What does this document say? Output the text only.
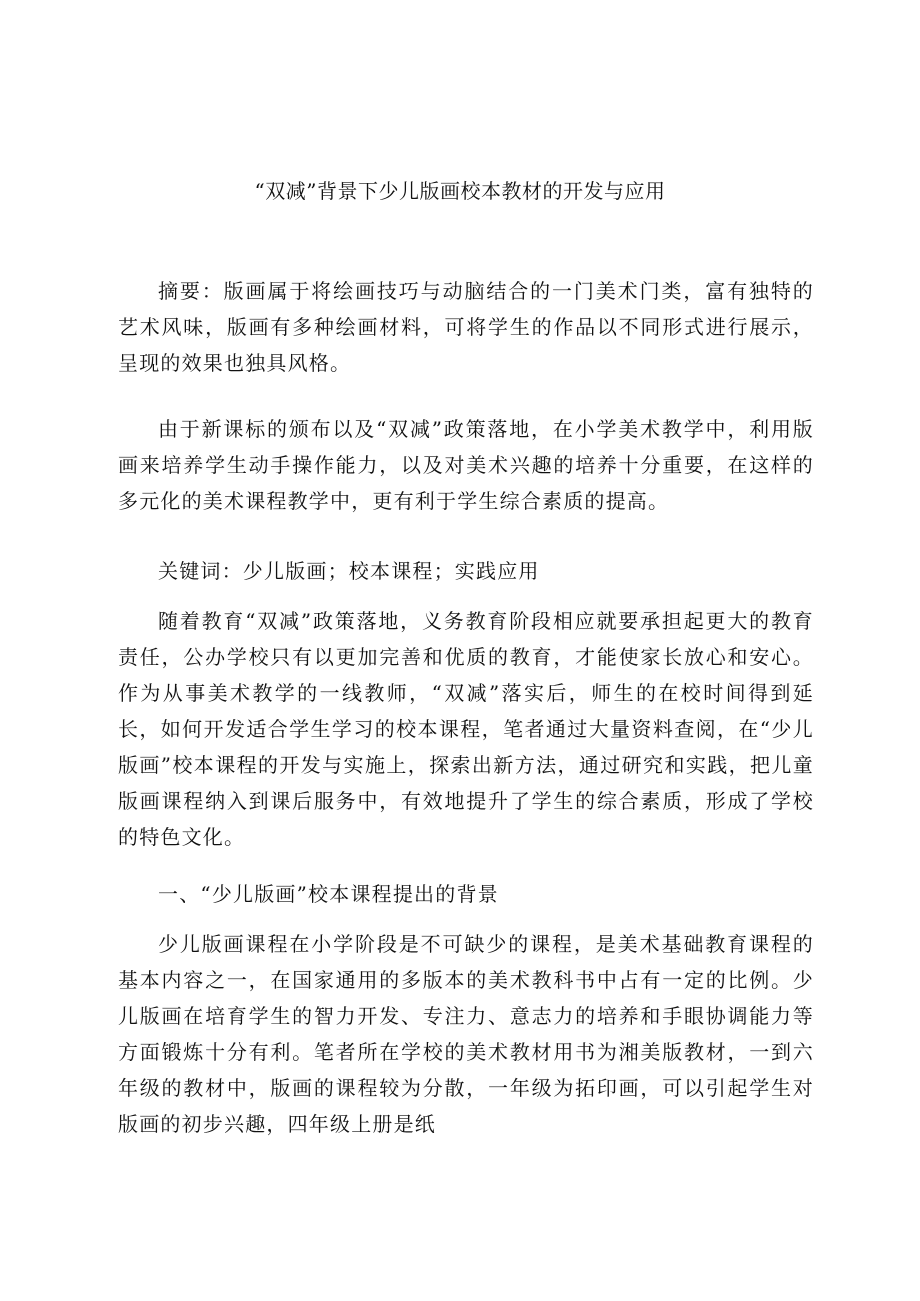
“双减”背景下少儿版画校本教材的开发与应用

摘要：版画属于将绘画技巧与动脑结合的一门美术门类，富有独特的艺术风味，版画有多种绘画材料，可将学生的作品以不同形式进行展示，呈现的效果也独具风格。

由于新课标的颁布以及“双减”政策落地，在小学美术教学中，利用版画来培养学生动手操作能力，以及对美术兴趣的培养十分重要，在这样的多元化的美术课程教学中，更有利于学生综合素质的提高。

关键词：少儿版画；校本课程；实践应用

随着教育“双减”政策落地，义务教育阶段相应就要承担起更大的教育责任，公办学校只有以更加完善和优质的教育，才能使家长放心和安心。作为从事美术教学的一线教师，“双减”落实后，师生的在校时间得到延长，如何开发适合学生学习的校本课程，笔者通过大量资料查阅，在“少儿版画”校本课程的开发与实施上，探索出新方法，通过研究和实践，把儿童版画课程纳入到课后服务中，有效地提升了学生的综合素质，形成了学校的特色文化。

一、“少儿版画”校本课程提出的背景

少儿版画课程在小学阶段是不可缺少的课程，是美术基础教育课程的基本内容之一，在国家通用的多版本的美术教科书中占有一定的比例。少儿版画在培育学生的智力开发、专注力、意志力的培养和手眼协调能力等方面锻炼十分有利。笔者所在学校的美术教材用书为湘美版教材，一到六年级的教材中，版画的课程较为分散，一年级为拓印画，可以引起学生对版画的初步兴趣，四年级上册是纸
